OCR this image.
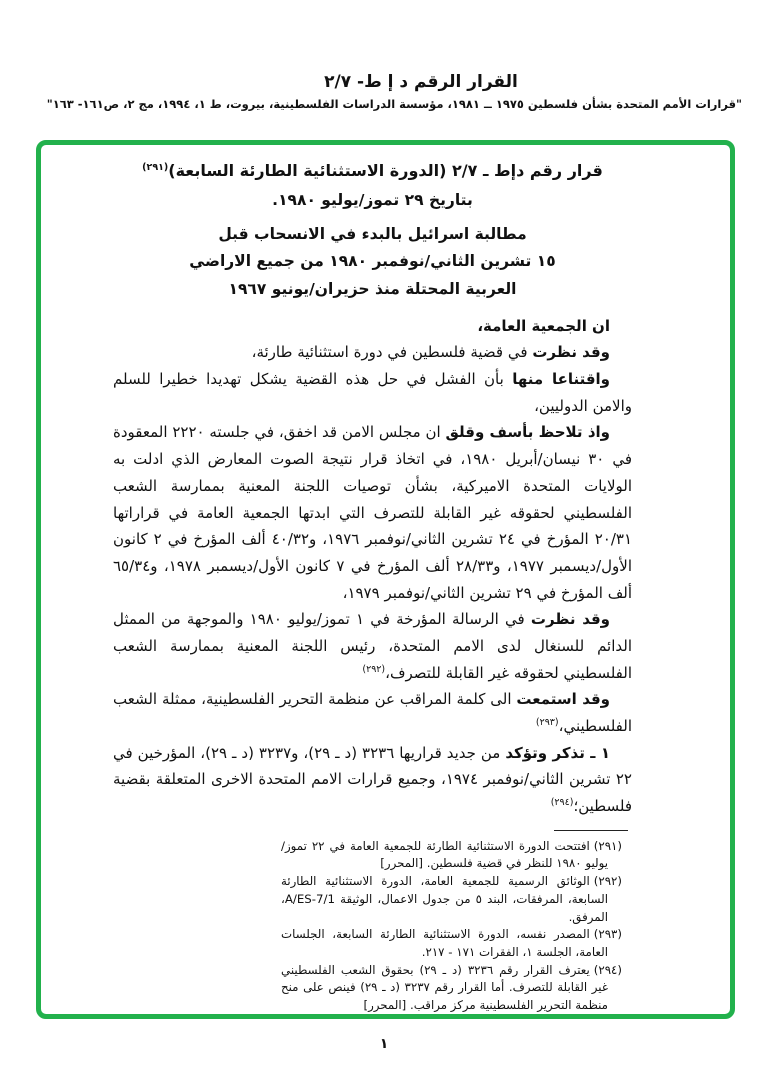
القرار الرقم د إ ط- ٢/٧
"قرارات الأمم المتحدة بشأن فلسطين ١٩٧٥ ــ ١٩٨١، مؤسسة الدراسات الفلسطينية، بيروت، ط ١، ١٩٩٤، مج ٢، ص١٦١- ١٦٣"
قرار رقم دإط ـ ٢/٧ (الدورة الاستثنائية الطارئة السابعة)$^{(٢٩١)}$
بتاريخ ٢٩ تموز/يوليو ١٩٨٠.
مطالبة اسرائيل بالبدء في الانسحاب قبل
١٥ تشرين الثاني/نوفمبر ١٩٨٠ من جميع الاراضي
العربية المحتلة منذ حزيران/يونيو ١٩٦٧

ان الجمعية العامة،

وقد نظرت في قضية فلسطين في دورة استثنائية طارئة،

واقتناعا منها بأن الفشل في حل هذه القضية يشكل تهديدا خطيرا للسلم والامن الدوليين،

واذ تلاحظ بأسف وقلق ان مجلس الامن قد اخفق، في جلسته ٢٢٢٠ المعقودة في ٣٠ نيسان/أبريل ١٩٨٠، في اتخاذ قرار نتيجة الصوت المعارض الذي ادلت به الولايات المتحدة الاميركية، بشأن توصيات اللجنة المعنية بممارسة الشعب الفلسطيني لحقوقه غير القابلة للتصرف التي ابدتها الجمعية العامة في قراراتها ٢٠/٣١ المؤرخ في ٢٤ تشرين الثاني/نوفمبر ١٩٧٦، و٤٠/٣٢ ألف المؤرخ في ٢ كانون الأول/ديسمبر ١٩٧٧، و٢٨/٣٣ ألف المؤرخ في ٧ كانون الأول/ديسمبر ١٩٧٨، و٦٥/٣٤ ألف المؤرخ في ٢٩ تشرين الثاني/نوفمبر ١٩٧٩،

وقد نظرت في الرسالة المؤرخة في ١ تموز/يوليو ١٩٨٠ والموجهة من الممثل الدائم للسنغال لدى الامم المتحدة، رئيس اللجنة المعنية بممارسة الشعب الفلسطيني لحقوقه غير القابلة للتصرف،$^{(٢٩٢)}$

وقد استمعت الى كلمة المراقب عن منظمة التحرير الفلسطينية، ممثلة الشعب الفلسطيني،$^{(٢٩٣)}$

١ ـ تذكر وتؤكد من جديد قراريها ٣٢٣٦ (د ـ ٢٩)، و٣٢٣٧ (د ـ ٢٩)، المؤرخين في ٢٢ تشرين الثاني/نوفمبر ١٩٧٤، وجميع قرارات الامم المتحدة الاخرى المتعلقة بقضية فلسطين؛$^{(٢٩٤)}$

(٢٩١)افتتحت الدورة الاستثنائية الطارئة للجمعية العامة في ٢٢ تموز/يوليو ١٩٨٠ للنظر في قضية فلسطين. [المحرر]
(٢٩٢)الوثائق الرسمية للجمعية العامة، الدورة الاستثنائية الطارئة السابعة، المرفقات، البند ٥ من جدول الاعمال، الوثيقة A/ES-7/1، المرفق.
(٢٩٣)المصدر نفسه، الدورة الاستثنائية الطارئة السابعة، الجلسات العامة، الجلسة ١، الفقرات ١٧١ - ٢١٧.
(٢٩٤)يعترف القرار رقم ٣٢٣٦ (د ـ ٢٩) بحقوق الشعب الفلسطيني غير القابلة للتصرف. أما القرار رقم ٣٢٣٧ (د ـ ٢٩) فينص على منح منظمة التحرير الفلسطينية مركز مراقب. [المحرر]
١
